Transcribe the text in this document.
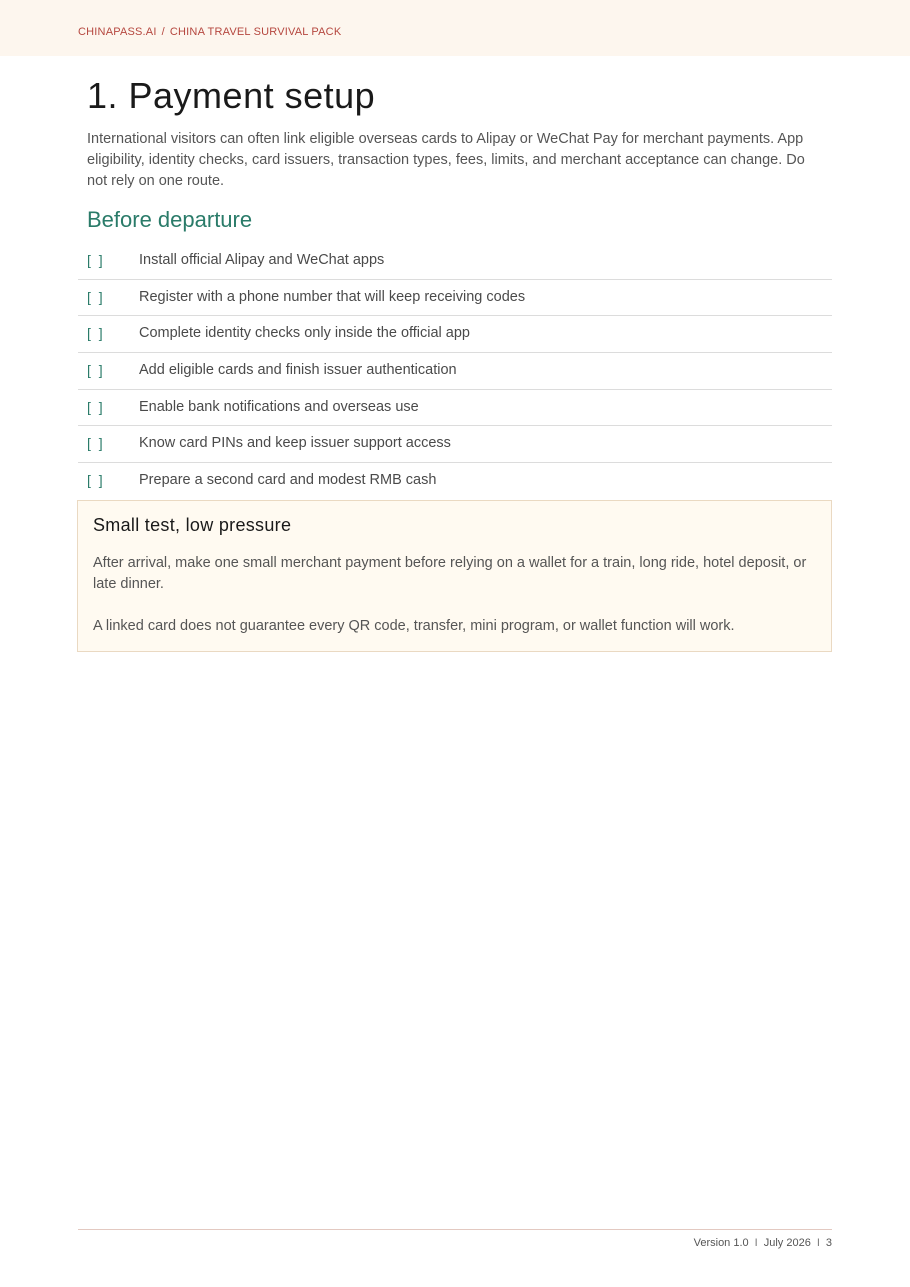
CHINAPASS.AI / CHINA TRAVEL SURVIVAL PACK
1. Payment setup

International visitors can often link eligible overseas cards to Alipay or WeChat Pay for merchant payments. App eligibility, identity checks, card issuers, transaction types, fees, limits, and merchant acceptance can change. Do not rely on one route.

Before departure
[ ] Install official Alipay and WeChat apps
[ ] Register with a phone number that will keep receiving codes
[ ] Complete identity checks only inside the official app
[ ] Add eligible cards and finish issuer authentication
[ ] Enable bank notifications and overseas use
[ ] Know card PINs and keep issuer support access
[ ] Prepare a second card and modest RMB cash
Small test, low pressure

After arrival, make one small merchant payment before relying on a wallet for a train, long ride, hotel deposit, or late dinner.

A linked card does not guarantee every QR code, transfer, mini program, or wallet function will work.

Version 1.0 I July 2026 I 3
